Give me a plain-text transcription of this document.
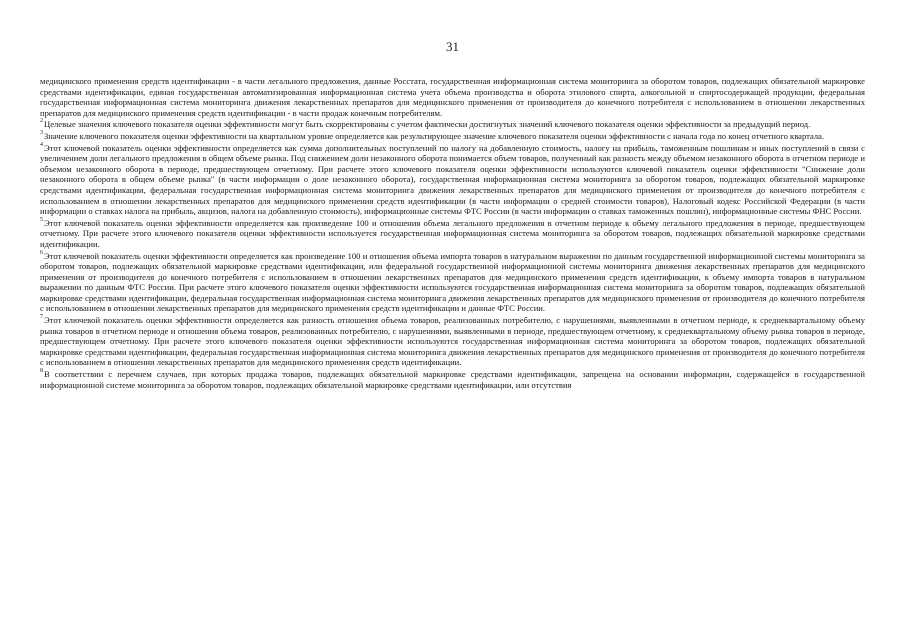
31

медицинского применения средств идентификации - в части легального предложения, данные Росстата, государственная информационная система мониторинга за оборотом товаров, подлежащих обязательной маркировке средствами идентификации, единая государственная автоматизированная информационная система учета объема производства и оборота этилового спирта, алкогольной и спиртосодержащей продукции, федеральная государственная информационная система мониторинга движения лекарственных препаратов для медицинского применения от производителя до конечного потребителя с использованием в отношении лекарственных препаратов для медицинского применения средств идентификации - в части продаж конечным потребителям.

$^2$Целевые значения ключевого показателя оценки эффективности могут быть скорректированы с учетом фактически достигнутых значений ключевого показателя оценки эффективности за предыдущий период.

$^3$Значение ключевого показателя оценки эффективности на квартальном уровне определяется как результирующее значение ключевого показателя оценки эффективности с начала года по конец отчетного квартала.

$^4$Этот ключевой показатель оценки эффективности определяется как сумма дополнительных поступлений по налогу на добавленную стоимость, налогу на прибыль, таможенным пошлинам и иных поступлений в связи с увеличением доли легального предложения в общем объеме рынка. Под снижением доли незаконного оборота понимается объем товаров, полученный как разность между объемом незаконного оборота в отчетном периоде и объемом незаконного оборота в периоде, предшествующем отчетному. При расчете этого ключевого показателя оценки эффективности используются ключевой показатель оценки эффективности "Снижение доли незаконного оборота в общем объеме рынка" (в части информации о доле незаконного оборота), государственная информационная система мониторинга за оборотом товаров, подлежащих обязательной маркировке средствами идентификации, федеральная государственная информационная система мониторинга движения лекарственных препаратов для медицинского применения от производителя до конечного потребителя с использованием в отношении лекарственных препаратов для медицинского применения средств идентификации (в части информации о средней стоимости товаров), Налоговый кодекс Российской Федерации (в части информации о ставках налога на прибыль, акцизов, налога на добавленную стоимость), информационные системы ФТС России (в части информации о ставках таможенных пошлин), информационные системы ФНС России.

$^5$Этот ключевой показатель оценки эффективности определяется как произведение 100 и отношения объема легального предложения в отчетном периоде к объему легального предложения в периоде, предшествующем отчетному. При расчете этого ключевого показателя оценки эффективности используется государственная информационная система мониторинга за оборотом товаров, подлежащих обязательной маркировке средствами идентификации.

$^6$Этот ключевой показатель оценки эффективности определяется как произведение 100 и отношения объема импорта товаров в натуральном выражении по данным государственной информационной системы мониторинга за оборотом товаров, подлежащих обязательной маркировке средствами идентификации, или федеральной государственной информационной системы мониторинга движения лекарственных препаратов для медицинского применения от производителя до конечного потребителя с использованием в отношении лекарственных препаратов для медицинского применения средств идентификации, к объему импорта товаров в натуральном выражении по данным ФТС России. При расчете этого ключевого показателя оценки эффективности используются государственная информационная система мониторинга за оборотом товаров, подлежащих обязательной маркировке средствами идентификации, федеральная государственная информационная система мониторинга движения лекарственных препаратов для медицинского применения от производителя до конечного потребителя с использованием в отношении лекарственных препаратов для медицинского применения средств идентификации и данные ФТС России.

$^7$Этот ключевой показатель оценки эффективности определяется как разность отношения объема товаров, реализованных потребителю, с нарушениями, выявленными в отчетном периоде, к среднеквартальному объему рынка товаров в отчетном периоде и отношения объема товаров, реализованных потребителю, с нарушениями, выявленными в периоде, предшествующем отчетному, к среднеквартальному объему рынка товаров в периоде, предшествующем отчетному. При расчете этого ключевого показателя оценки эффективности используются государственная информационная система мониторинга за оборотом товаров, подлежащих обязательной маркировке средствами идентификации, федеральная государственная информационная система мониторинга движения лекарственных препаратов для медицинского применения от производителя до конечного потребителя с использованием в отношении лекарственных препаратов для медицинского применения средств идентификации.

$^8$В соответствии с перечнем случаев, при которых продажа товаров, подлежащих обязательной маркировке средствами идентификации, запрещена на основании информации, содержащейся в государственной информационной системе мониторинга за оборотом товаров, подлежащих обязательной маркировке средствами идентификации, или отсутствия
